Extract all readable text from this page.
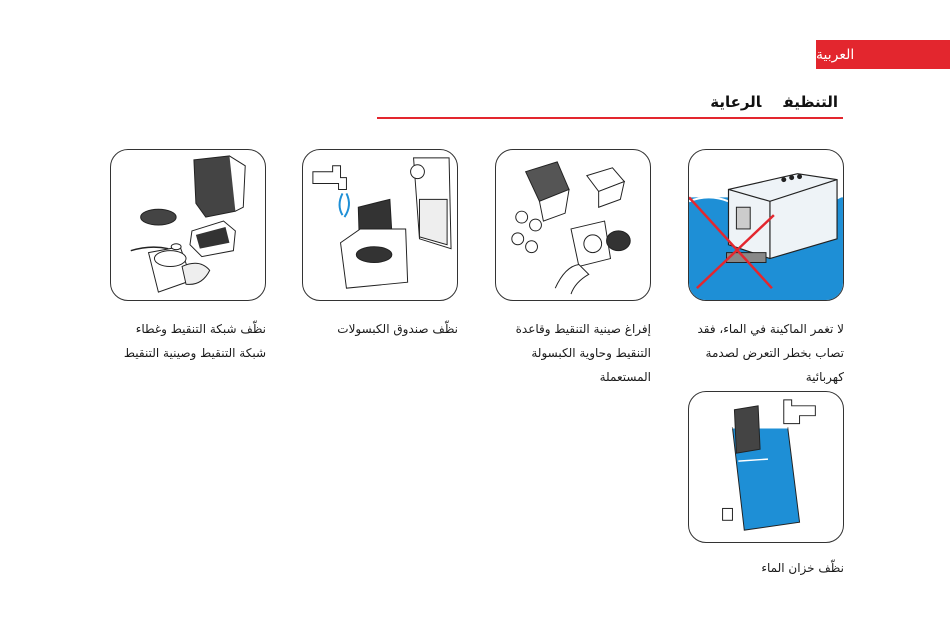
العربية
التنظيفالرعاية
لا تغمر الماكينة في الماء، فقد تصاب بخطر التعرض لصدمة كهربائية
إفراغ صينية التنقيط وقاعدة التنقيط وحاوية الكبسولة المستعملة
نظّف صندوق الكبسولات
نظّف شبكة التنقيط وغطاء شبكة التنقيط وصينية التنقيط
نظّف خزان الماء
